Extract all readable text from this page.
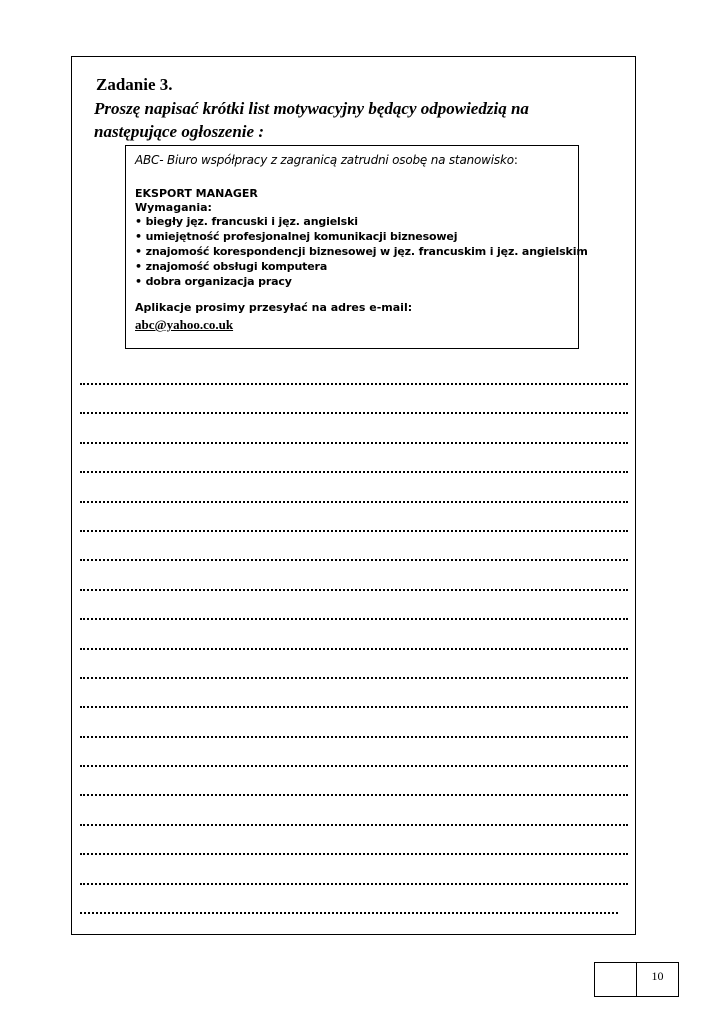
Zadanie 3.
Proszę napisać krótki list motywacyjny będący odpowiedzią na następujące ogłoszenie :

ABC- Biuro współpracy z zagranicą zatrudni osobę na stanowisko:

EKSPORT MANAGER

Wymagania:

• biegły jęz. francuski i jęz. angielski
• umiejętność profesjonalnej komunikacji biznesowej
• znajomość korespondencji biznesowej w jęz. francuskim i jęz. angielskim
• znajomość obsługi komputera
• dobra organizacja pracy

Aplikacje prosimy przesyłać na adres e-mail:

abc@yahoo.co.uk
10
